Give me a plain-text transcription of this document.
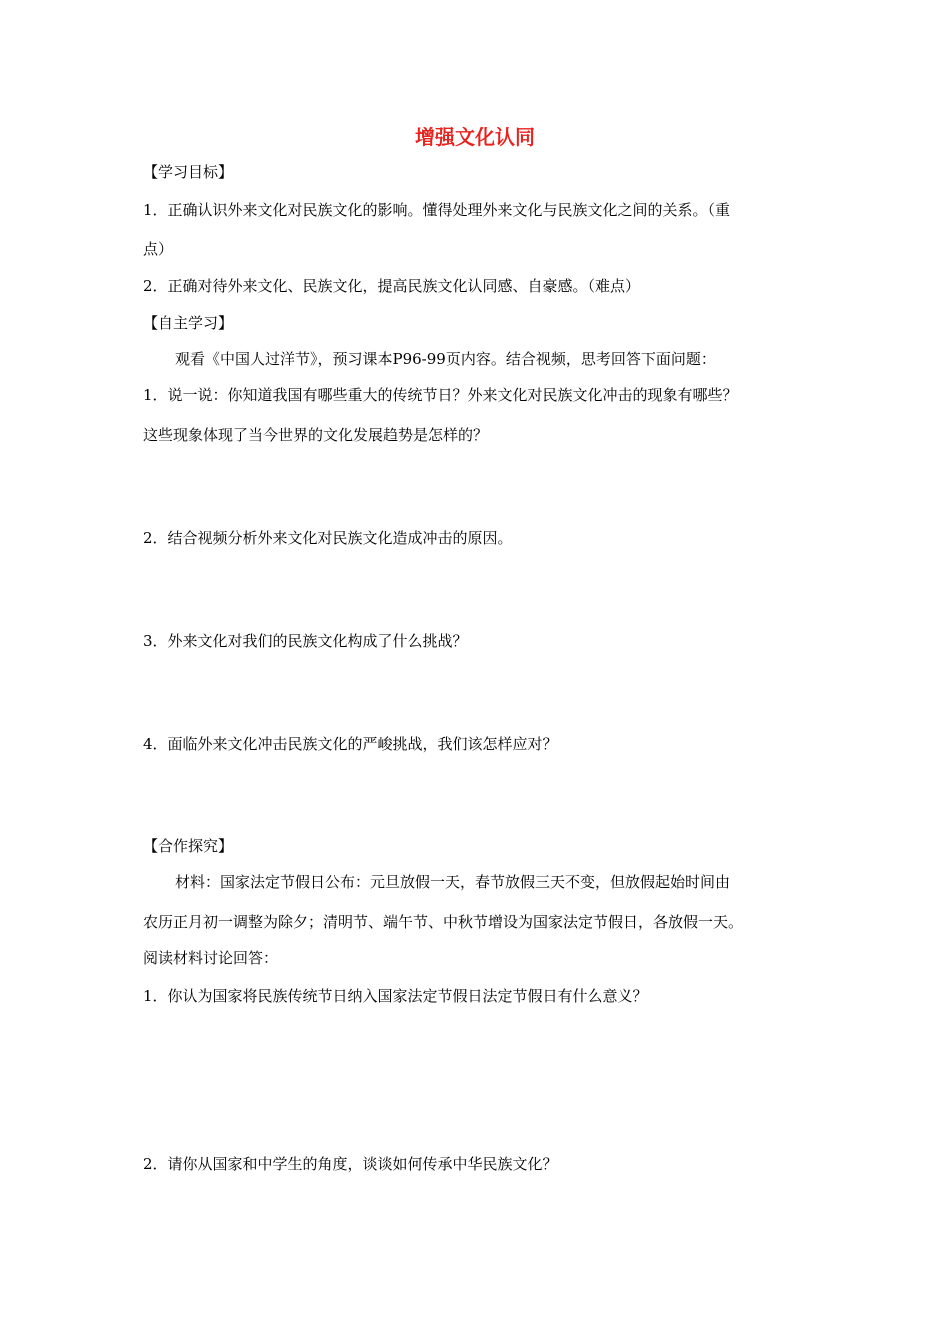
增强文化认同
【学习目标】
1．正确认识外来文化对民族文化的影响。懂得处理外来文化与民族文化之间的关系。（重
点）
2．正确对待外来文化、民族文化，提高民族文化认同感、自豪感。（难点）
【自主学习】
观看《中国人过洋节》，预习课本P96-99页内容。结合视频，思考回答下面问题：
1．说一说：你知道我国有哪些重大的传统节日？外来文化对民族文化冲击的现象有哪些？
这些现象体现了当今世界的文化发展趋势是怎样的？
2．结合视频分析外来文化对民族文化造成冲击的原因。
3．外来文化对我们的民族文化构成了什么挑战？
4．面临外来文化冲击民族文化的严峻挑战，我们该怎样应对？
【合作探究】
材料：国家法定节假日公布：元旦放假一天，春节放假三天不变，但放假起始时间由
农历正月初一调整为除夕；清明节、端午节、中秋节增设为国家法定节假日，各放假一天。
阅读材料讨论回答：
1．你认为国家将民族传统节日纳入国家法定节假日法定节假日有什么意义？
2．请你从国家和中学生的角度，谈谈如何传承中华民族文化？
